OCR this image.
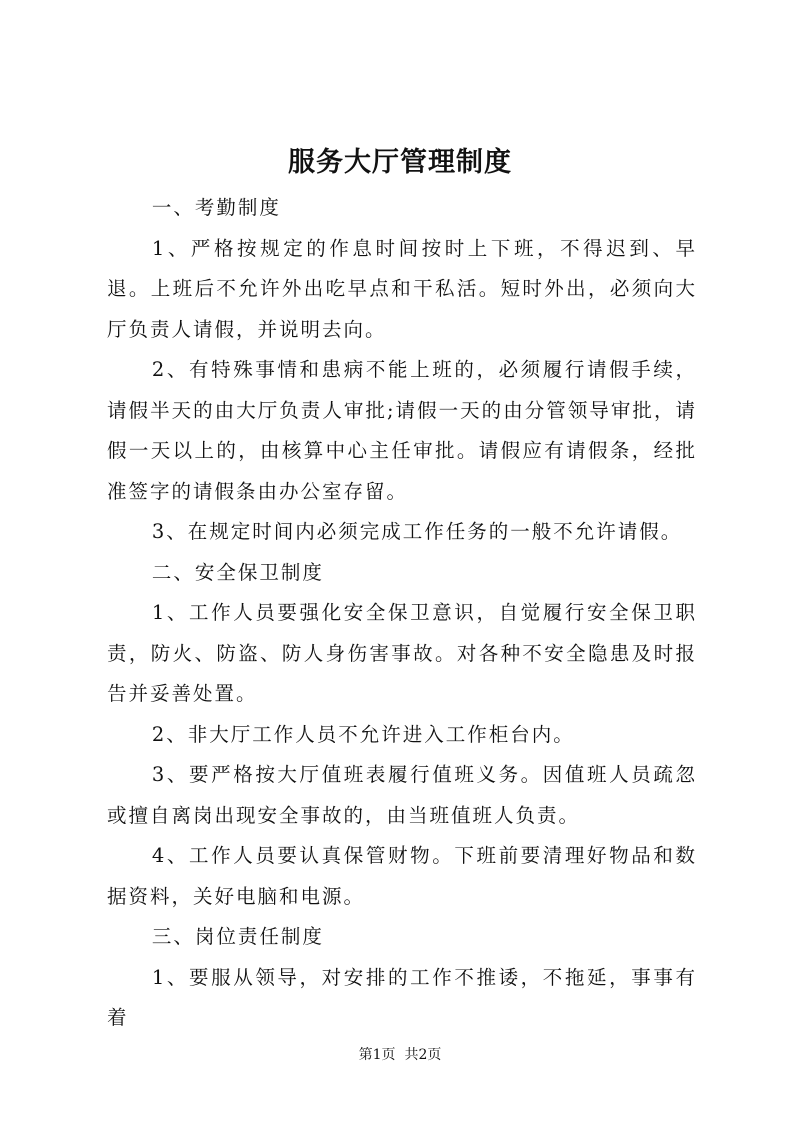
服务大厅管理制度

一、考勤制度

1、严格按规定的作息时间按时上下班，不得迟到、早退。上班后不允许外出吃早点和干私活。短时外出，必须向大厅负责人请假，并说明去向。

2、有特殊事情和患病不能上班的，必须履行请假手续，请假半天的由大厅负责人审批;请假一天的由分管领导审批，请假一天以上的，由核算中心主任审批。请假应有请假条，经批准签字的请假条由办公室存留。

3、在规定时间内必须完成工作任务的一般不允许请假。

二、安全保卫制度

1、工作人员要强化安全保卫意识，自觉履行安全保卫职责，防火、防盗、防人身伤害事故。对各种不安全隐患及时报告并妥善处置。

2、非大厅工作人员不允许进入工作柜台内。

3、要严格按大厅值班表履行值班义务。因值班人员疏忽或擅自离岗出现安全事故的，由当班值班人负责。

4、工作人员要认真保管财物。下班前要清理好物品和数据资料，关好电脑和电源。

三、岗位责任制度

1、要服从领导，对安排的工作不推诿，不拖延，事事有着

第1页  共2页
